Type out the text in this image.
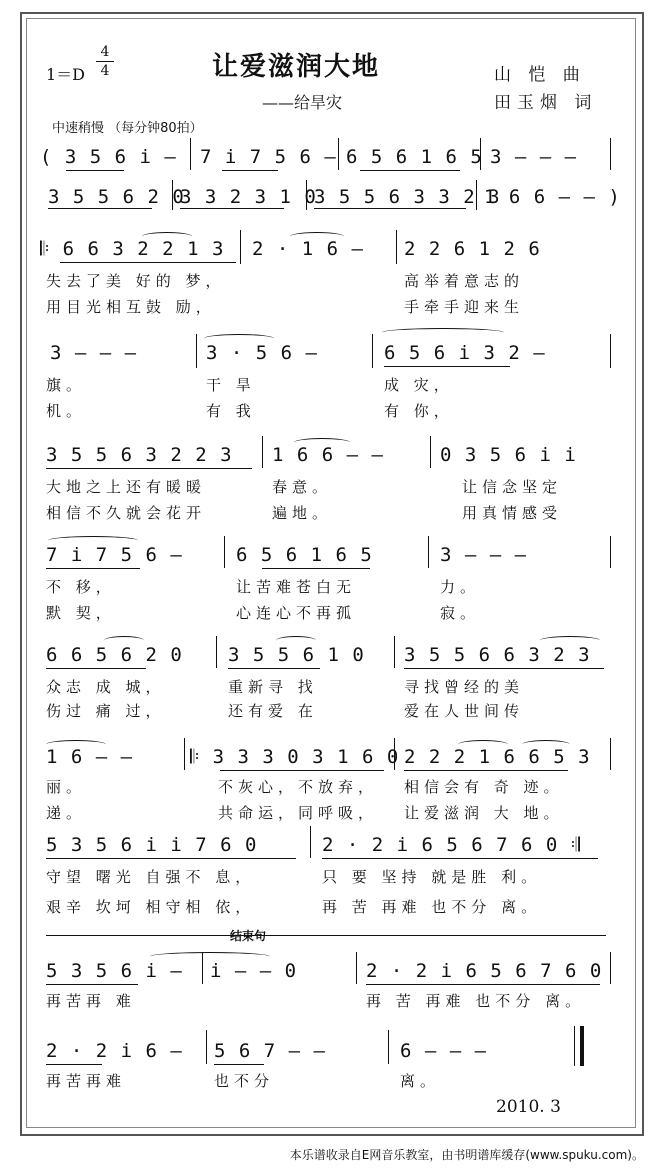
1＝D
4
4	让爱滋润大地
——给旱灾
山 恺 曲
田玉烟 词
中速稍慢 （每分钟80拍）
( 3 5 6 i — 7 i 7 5 6 — 6 5 6 1 6 5 3 — — —
3 5 5 6 2 0
3 3 2 3 1 0
3 5 5 6 3 3 2 3
1 6 6 — — )
𝄆 6 6 3 2 2 1 3 2 · 1 6 — 2 2 6 1 2 6
失去了美 好的 梦，	高举着意志的
用目光相互鼓 励，	手牵手迎来生
3 — — —	3 · 5 6 —	6 5 6 i 3 2 —
旗。	干 旱	成 灾，
机。	有 我	有 你，
3 5 5 6 3 2 2 3 1 6 6 — —	0 3 5 6 i i
大地之上还有暖暖	春意。	让信念坚定
相信不久就会花开	遍地。	用真情感受
7 i 7 5 6 —	6 5 6 1 6 5	3 — — —
不 移，	让苦难苍白无	力。
默 契，	心连心不再孤	寂。
6 6 5 6 2 0 3 5 5 6 1 0 3 5 5 6 6 3 2 3
众志 成 城，	重新寻 找	寻找曾经的美
伤过 痛 过，	还有爱 在	爱在人世间传
1 6 — —	𝄆 3 3 3 0 3 1 6 0 2 2 2 1 6 6 5 3
丽。	不灰心，不放弃， 相信会有 奇 迹。
递。	共命运，同呼吸， 让爱滋润 大 地。
5 3 5 6 i i 7 6 0	2 · 2 i 6 5 6 7 6 0 𝄇
守望 曙光 自强不 息，	只 要 坚持 就是胜 利。
艰辛 坎坷 相守相 依，	再 苦 再难 也不分 离。
结束句
5 3 5 6 i — i — — 0	2 · 2 i 6 5 6 7 6 0
再苦再 难	再 苦 再难 也不分 离。
2 · 2 i 6 — 5 6 7 — —	6 — — —
再苦再难	也不分	离。
2010. 3
本乐谱收录自E网音乐教室，由书明谱库缓存(www.spuku.com)。
